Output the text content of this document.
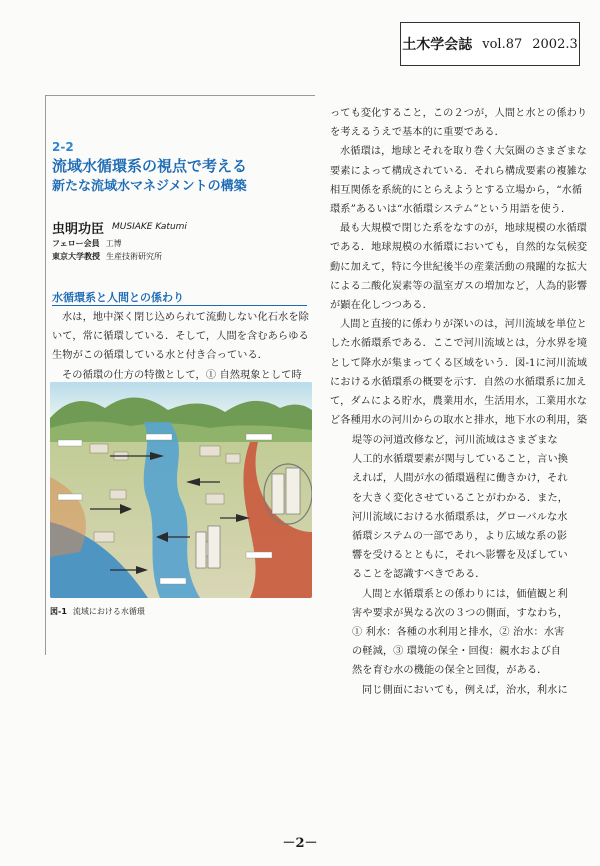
土木学会誌 vol.87 2002.3
2-2
流域水循環系の視点で考える
新たな流域水マネジメントの構築
虫明功臣 MUSIAKE Katumi
フェロー会員 工博
東京大学教授 生産技術研究所
水循環系と人間との係わり
水は，地中深く閉じ込められて流動しない化石水を除
いて，常に循環している．そして，人間を含むあらゆる
生物がこの循環している水と付き合っている．
その循環の仕方の特徴として，① 自然現象として時
図-1 流域における水循環
っても変化すること，この２つが，人間と水との係わり
を考えるうえで基本的に重要である．
水循環は，地球とそれを取り巻く大気圏のさまざまな
要素によって構成されている．それら構成要素の複雑な
相互関係を系統的にとらえようとする立場から，“水循
環系”あるいは“水循環システム”という用語を使う．
最も大規模で閉じた系をなすのが，地球規模の水循環
である．地球規模の水循環においても，自然的な気候変
動に加えて，特に今世紀後半の産業活動の飛躍的な拡大
による二酸化炭素等の温室ガスの増加など，人為的影響
が顕在化しつつある．
人間と直接的に係わりが深いのは，河川流域を単位と
した水循環系である．ここで河川流域とは，分水界を境
として降水が集まってくる区域をいう．図-1に河川流域
における水循環系の概要を示す．自然の水循環系に加え
て，ダムによる貯水，農業用水，生活用水，工業用水な
ど各種用水の河川からの取水と排水，地下水の利用，築
堤等の河道改修など，河川流域はさまざまな
人工的水循環要素が関与していること，言い換
えれば，人間が水の循環過程に働きかけ，それ
を大きく変化させていることがわかる．また，
河川流域における水循環系は，グローバルな水
循環システムの一部であり，より広域な系の影
響を受けるとともに，それへ影響を及ぼしてい
ることを認識すべきである．
人間と水循環系との係わりには，価値観と利
害や要求が異なる次の３つの側面，すなわち，
① 利水：各種の水利用と排水，② 治水：水害
の軽減，③ 環境の保全・回復：親水および自
然を育む水の機能の保全と回復，がある．
同じ側面においても，例えば，治水，利水に
－2－
